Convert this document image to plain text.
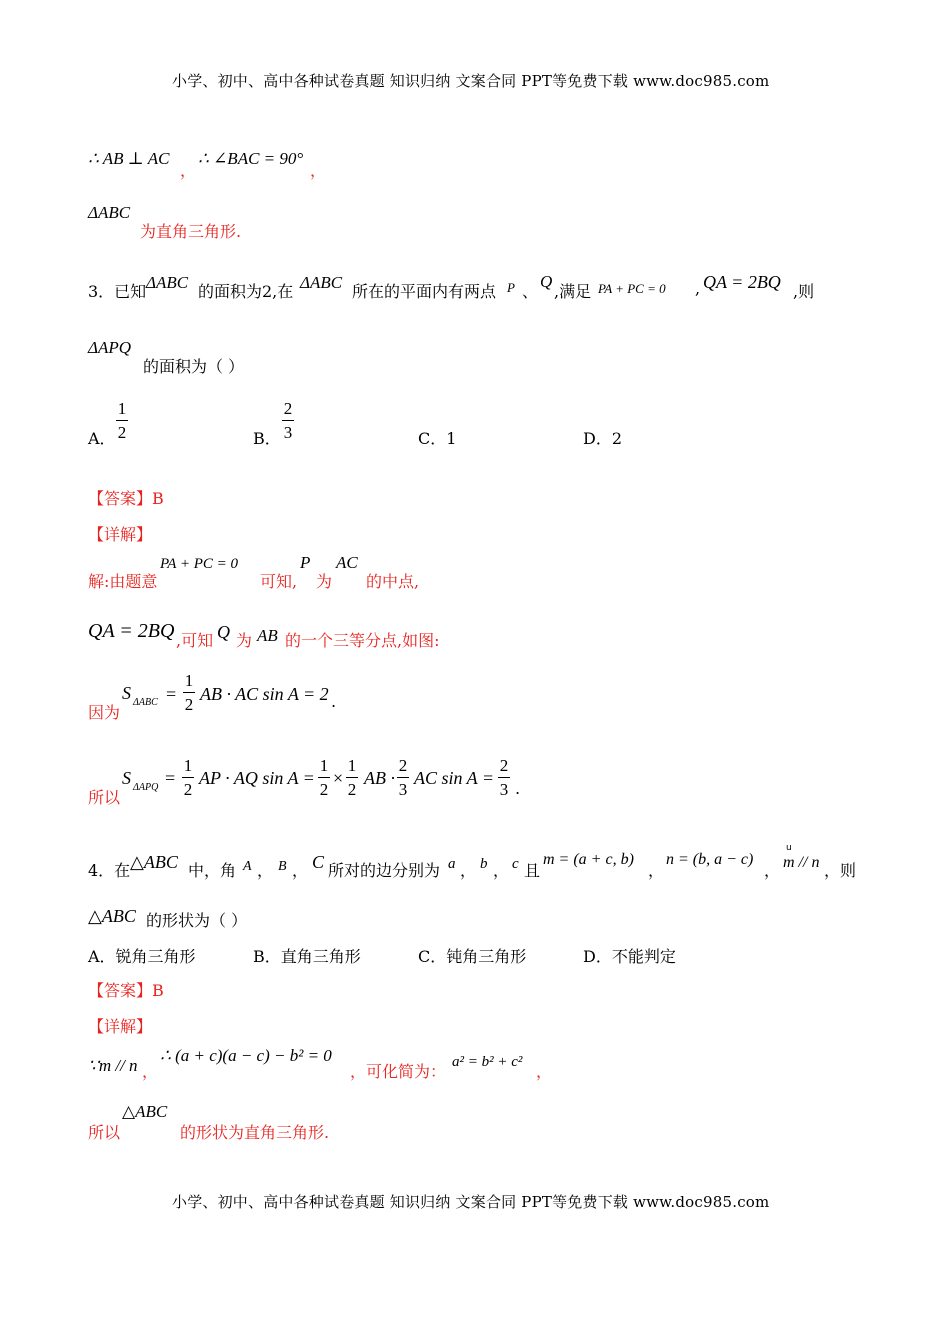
小学、初中、高中各种试卷真题 知识归纳 文案合同 PPT等免费下载 www.doc985.com
∴ AB ⊥ AC
，
∴ ∠BAC = 90°
，
ΔABC
为直角三角形.
3．已知 ΔABC 的面积为2,在 ΔABC 所在的平面内有两点 P 、
Q
,满足 PA + PC = 0 , QA = 2BQ ,则
ΔAPQ
的面积为（ ）
A．
1
2	B．
2
3	C．1	D．2
【答案】B
【详解】
解:由题意
PA + PC = 0
可知,
P
为
AC
的中点,
QA = 2BQ ,可知 Q 为 AB 的一个三等分点,如图:
因为
S ΔABC =
1
2
AB · AC sin A = 2 .
所以
S ΔAPQ =
1
2
AP · AQ sin A =
1
2
×
1
2
AB ·
2
3
AC sin A =
2
3 .
4．在 △ABC 中，角 A ， B ， C 所对的边分别为 a ， b ， c 且
m = (a + c, b)
，
n = (b, a − c)
，
u
m // n ，则
△ABC 的形状为（ ）
A．锐角三角形	B．直角三角形	C．钝角三角形	D．不能判定
【答案】B
【详解】
∵m // n ，
∴ (a + c)(a − c) − b² = 0
，可化简为： a² = b² + c² ，
所以
△ABC
的形状为直角三角形.
小学、初中、高中各种试卷真题 知识归纳 文案合同 PPT等免费下载 www.doc985.com
